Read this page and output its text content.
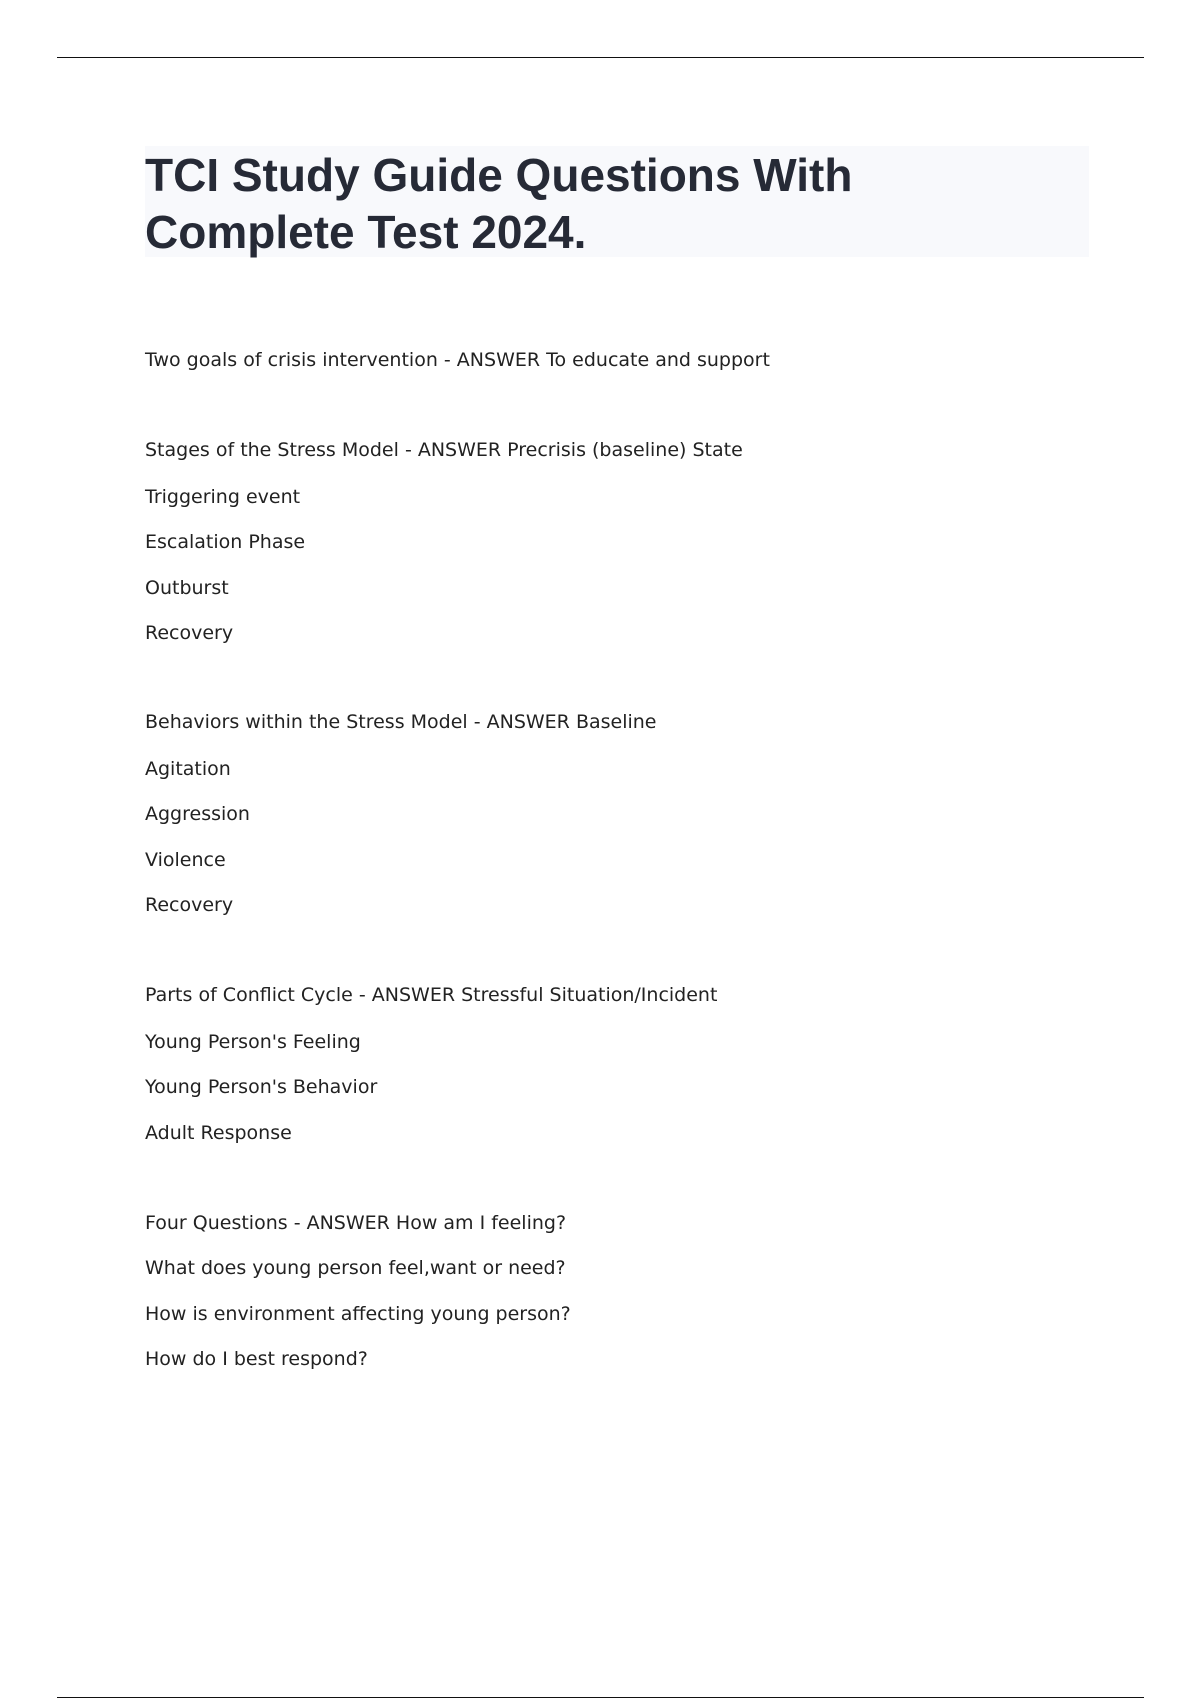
TCI Study Guide Questions With
Complete Test 2024.
Two goals of crisis intervention - ANSWER To educate and support
Stages of the Stress Model - ANSWER Precrisis (baseline) State
Triggering event
Escalation Phase
Outburst
Recovery
Behaviors within the Stress Model - ANSWER Baseline
Agitation
Aggression
Violence
Recovery
Parts of Conflict Cycle - ANSWER Stressful Situation/Incident
Young Person's Feeling
Young Person's Behavior
Adult Response
Four Questions - ANSWER How am I feeling?
What does young person feel,want or need?
How is environment affecting young person?
How do I best respond?
